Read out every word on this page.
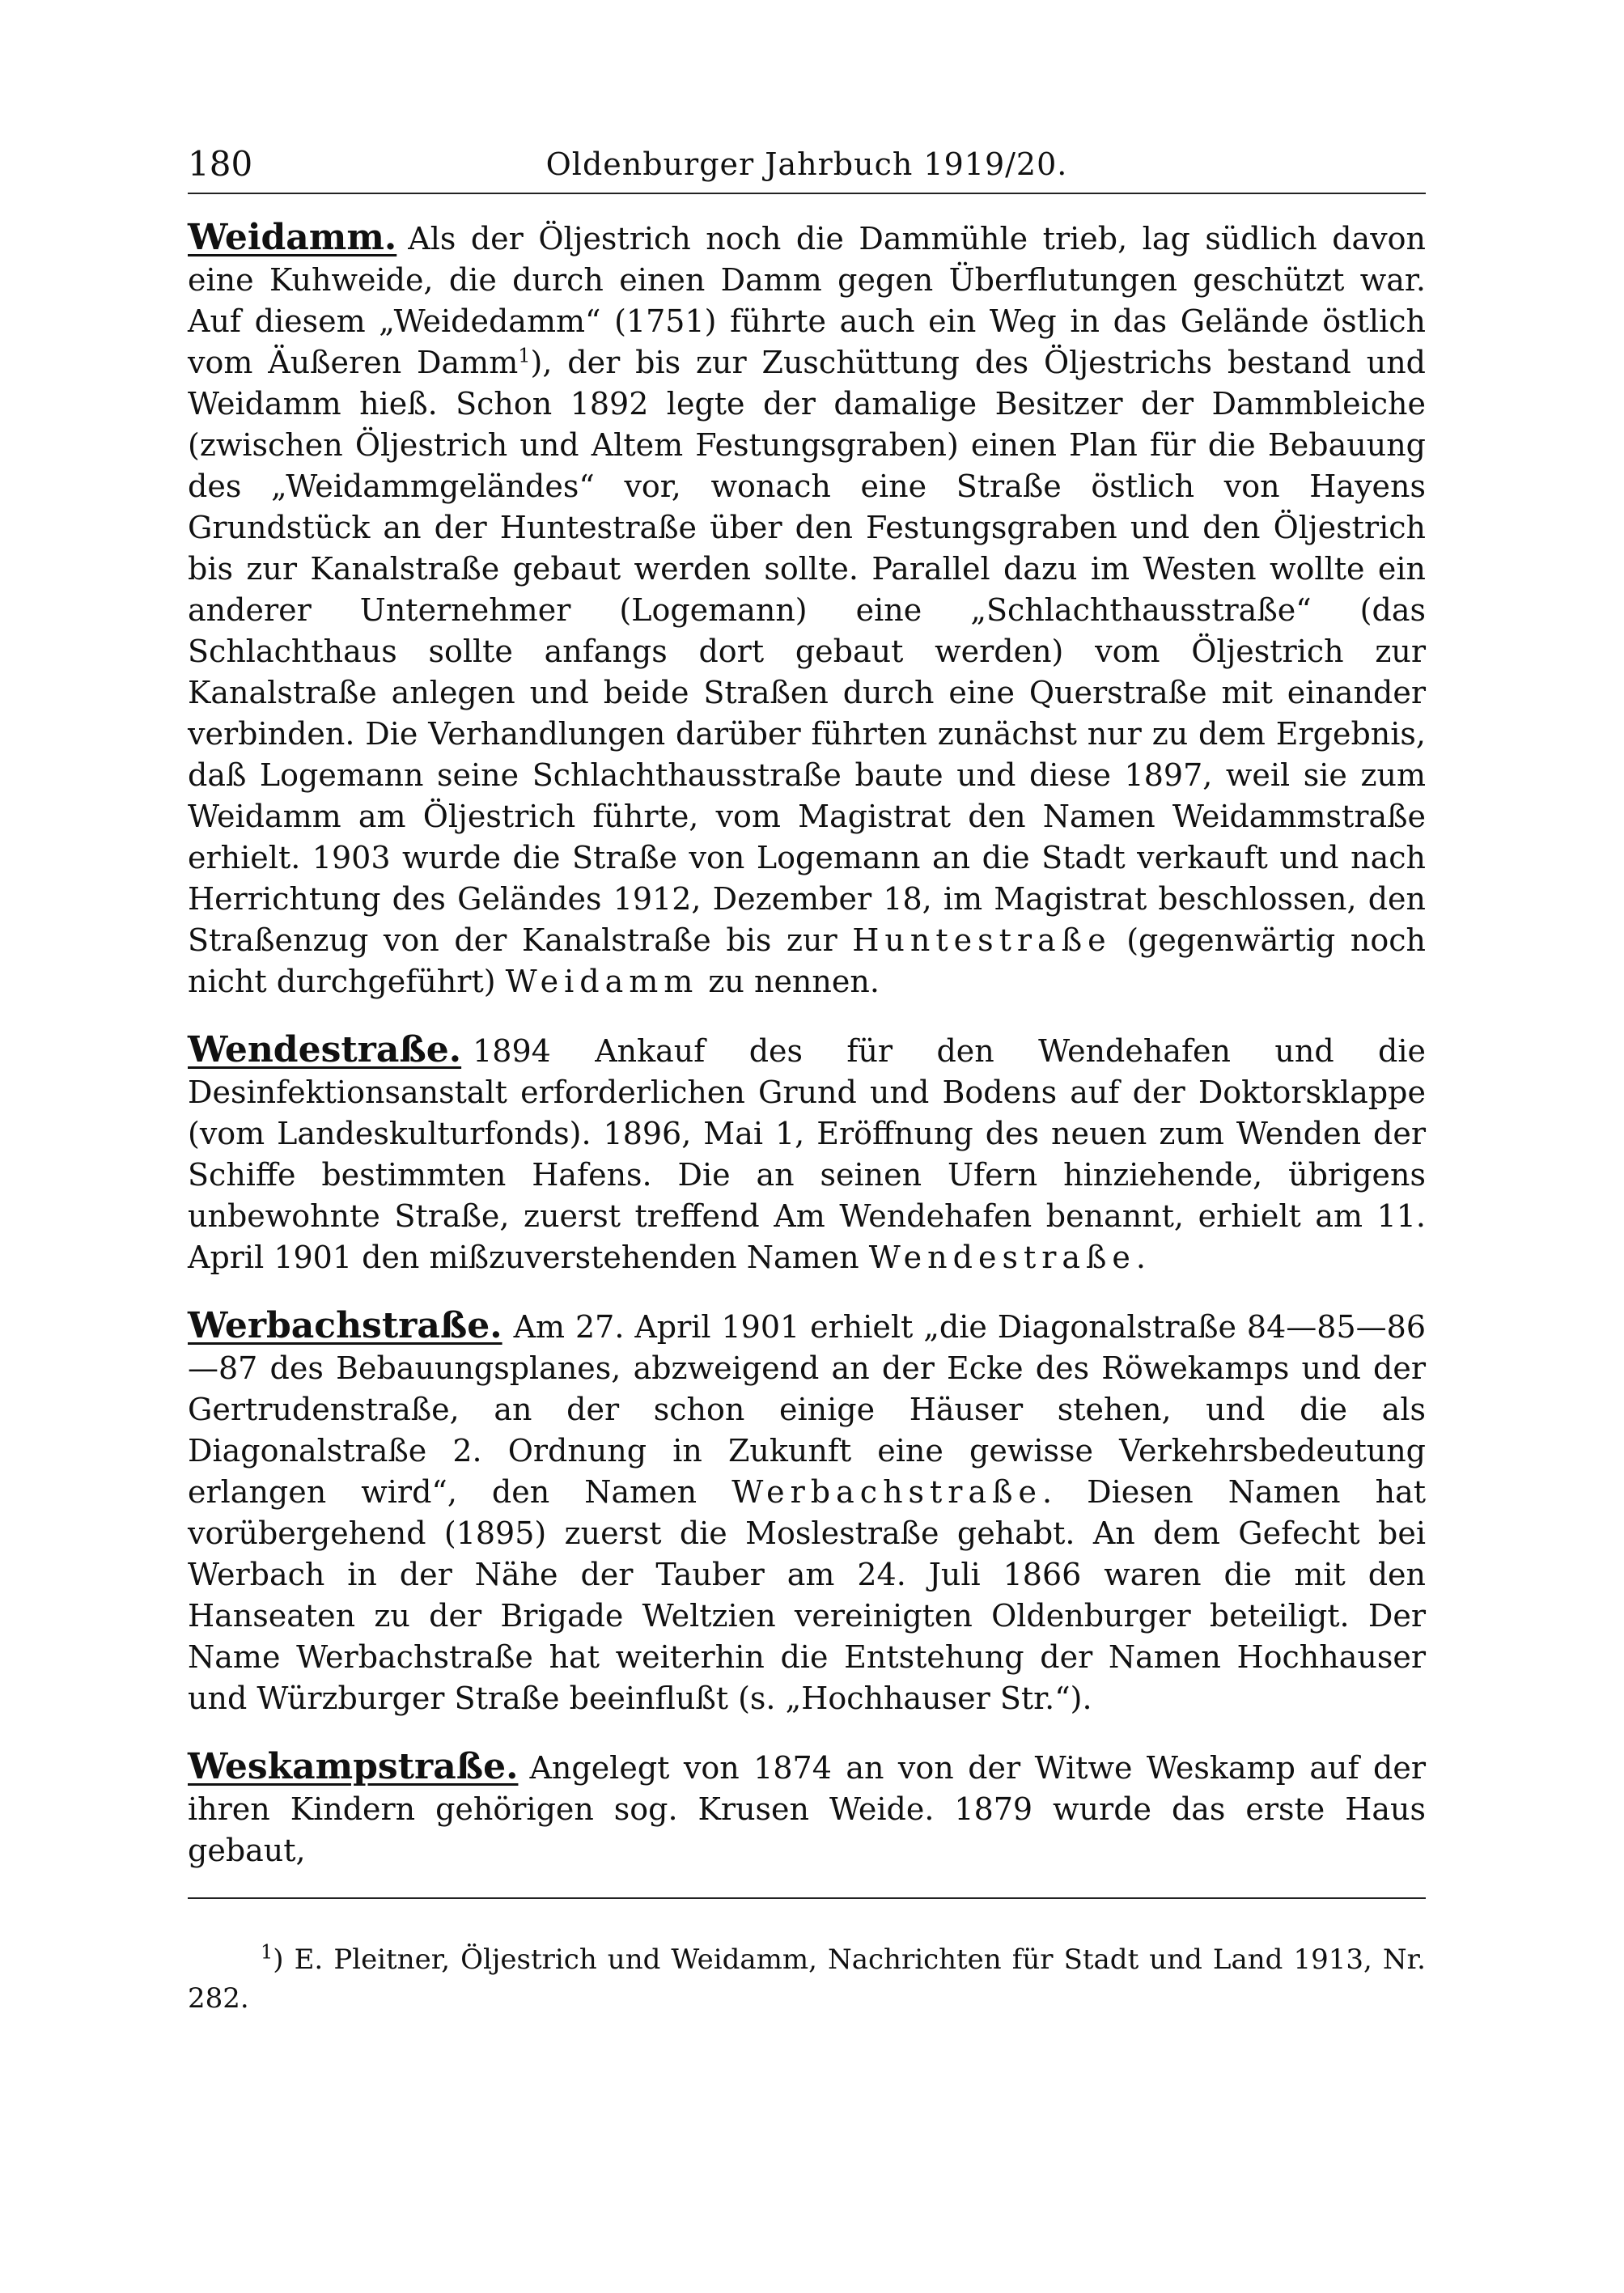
180	Oldenburger Jahrbuch 1919/20.

Weidamm. Als der Öljestrich noch die Dammühle trieb, lag südlich davon eine Kuhweide, die durch einen Damm gegen Überflutungen geschützt war. Auf diesem „Weidedamm“ (1751) führte auch ein Weg in das Gelände östlich vom Äußeren Damm$^1$), der bis zur Zuschüttung des Öljestrichs bestand und Weidamm hieß. Schon 1892 legte der damalige Besitzer der Dammbleiche (zwischen Öljestrich und Altem Festungsgraben) einen Plan für die Bebauung des „Weidammgeländes“ vor, wonach eine Straße östlich von Hayens Grundstück an der Huntestraße über den Festungsgraben und den Öljestrich bis zur Kanalstraße gebaut werden sollte. Parallel dazu im Westen wollte ein anderer Unternehmer (Logemann) eine „Schlachthausstraße“ (das Schlachthaus sollte anfangs dort gebaut werden) vom Öljestrich zur Kanalstraße anlegen und beide Straßen durch eine Querstraße mit einander verbinden. Die Verhandlungen darüber führten zunächst nur zu dem Ergebnis, daß Logemann seine Schlachthausstraße baute und diese 1897, weil sie zum Weidamm am Öljestrich führte, vom Magistrat den Namen Weidammstraße erhielt. 1903 wurde die Straße von Logemann an die Stadt verkauft und nach Herrichtung des Geländes 1912, Dezember 18, im Magistrat beschlossen, den Straßenzug von der Kanalstraße bis zur Huntestraße (gegenwärtig noch nicht durchgeführt) Weidamm zu nennen.

Wendestraße. 1894 Ankauf des für den Wendehafen und die Desinfektionsanstalt erforderlichen Grund und Bodens auf der Doktorsklappe (vom Landeskulturfonds). 1896, Mai 1, Eröffnung des neuen zum Wenden der Schiffe bestimmten Hafens. Die an seinen Ufern hinziehende, übrigens unbewohnte Straße, zuerst treffend Am Wendehafen benannt, erhielt am 11. April 1901 den mißzuverstehenden Namen Wendestraße.

Werbachstraße. Am 27. April 1901 erhielt „die Diagonalstraße 84—85—86—87 des Bebauungsplanes, abzweigend an der Ecke des Röwekamps und der Gertrudenstraße, an der schon einige Häuser stehen, und die als Diagonalstraße 2. Ordnung in Zukunft eine gewisse Verkehrsbedeutung erlangen wird“, den Namen Werbachstraße. Diesen Namen hat vorübergehend (1895) zuerst die Moslestraße gehabt. An dem Gefecht bei Werbach in der Nähe der Tauber am 24. Juli 1866 waren die mit den Hanseaten zu der Brigade Weltzien vereinigten Oldenburger beteiligt. Der Name Werbachstraße hat weiterhin die Entstehung der Namen Hochhauser und Würzburger Straße beeinflußt (s. „Hochhauser Str.“).

Weskampstraße. Angelegt von 1874 an von der Witwe Weskamp auf der ihren Kindern gehörigen sog. Krusen Weide. 1879 wurde das erste Haus gebaut,

$^1$) E. Pleitner, Öljestrich und Weidamm, Nachrichten für Stadt und Land 1913, Nr. 282.
